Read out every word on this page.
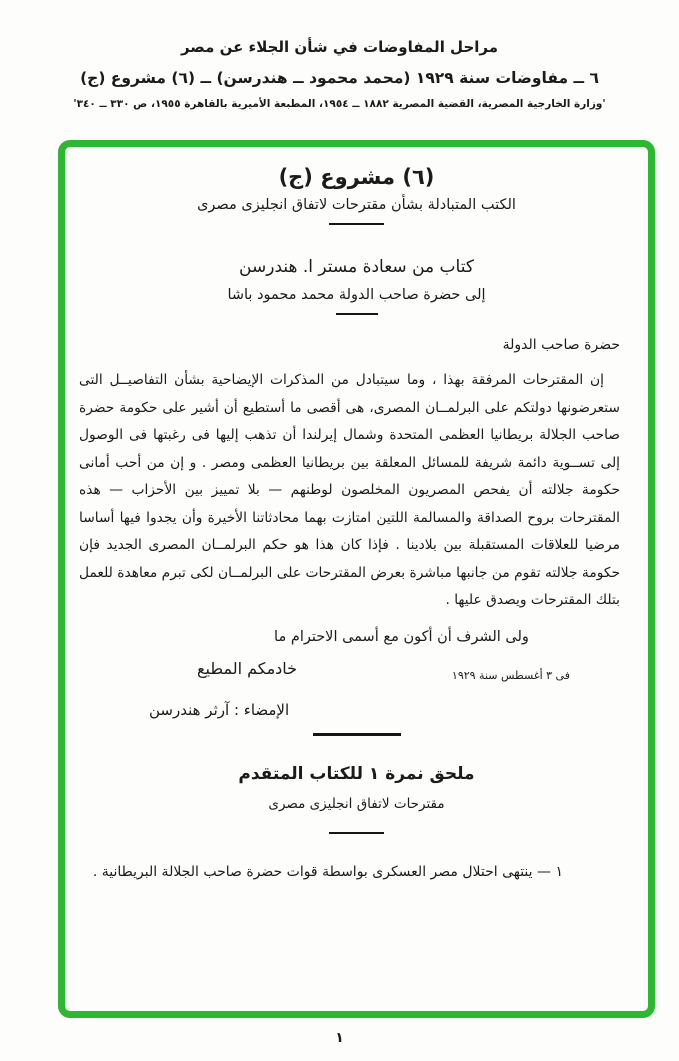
مراحل المفاوضات في شأن الجلاء عن مصر
٦ ــ مفاوضات سنة ١٩٢٩ (محمد محمود ــ هندرسن) ــ (٦) مشروع (ج)
'وزارة الخارجية المصرية، القضية المصرية ١٨٨٢ ــ ١٩٥٤، المطبعة الأميرية بالقاهرة ١٩٥٥، ص ٣٣٠ ــ ٣٤٠'
(٦) مشروع (ج)
الكتب المتبادلة بشأن مقترحات لاتفاق انجليزى مصرى
كتاب من سعادة مستر ا. هندرسن
إلى حضرة صاحب الدولة محمد محمود باشا
حضرة صاحب الدولة

إن المقترحات المرفقة بهذا ، وما سيتبادل من المذكرات الإيضاحية بشأن التفاصيــل التى ستعرضونها دولتكم على البرلمــان المصرى، هى أقصى ما أستطيع أن أشير على حكومة حضرة صاحب الجلالة بريطانيا العظمى المتحدة وشمال إيرلندا أن تذهب إليها فى رغبتها فى الوصول إلى تســوية دائمة شريفة للمسائل المعلقة بين بريطانيا العظمى ومصر . و إن من أحب أمانى حكومة جلالته أن يفحص المصريون المخلصون لوطنهم — بلا تمييز بين الأحزاب — هذه المقترحات بروح الصداقة والمسالمة اللتين امتازت بهما محادثاتنا الأخيرة وأن يجدوا فيها أساسا مرضيا للعلاقات المستقبلة بين بلادينا . فإذا كان هذا هو حكم البرلمــان المصرى الجديد فإن حكومة جلالته تقوم من جانبها مباشرة بعرض المقترحات على البرلمــان لكى تبرم معاهدة للعمل بتلك المقترحات ويصدق عليها .

ولى الشرف أن أكون مع أسمى الاحترام ما
فى ٣ أغسطس سنة ١٩٢٩
خادمكم المطيع
الإمضاء : آرثر هندرسن
ملحق نمرة ١ للكتاب المتقدم
مقترحات لاتفاق انجليزى مصرى
١ — ينتهى احتلال مصر العسكرى بواسطة قوات حضرة صاحب الجلالة البريطانية .
١
